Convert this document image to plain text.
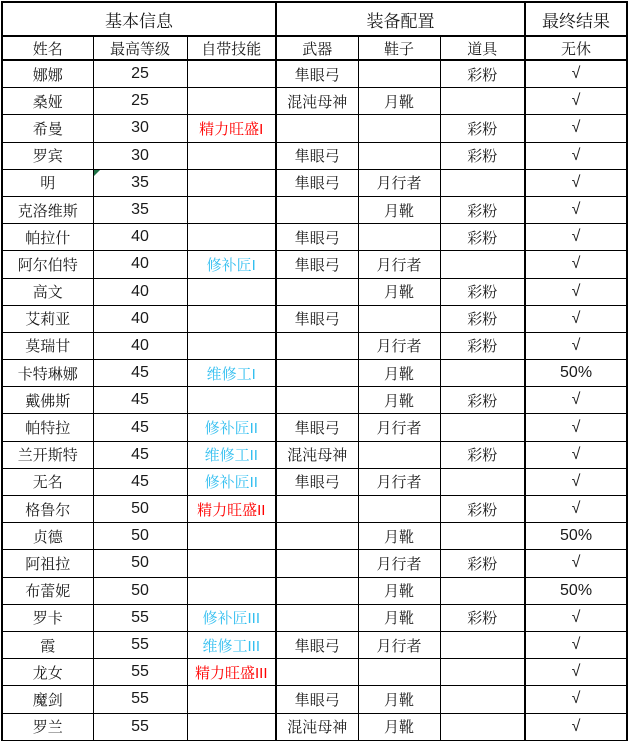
基本信息			装备配置			最终结果
姓名	最高等级	自带技能	武器	鞋子	道具	无休
娜娜	25		隼眼弓		彩粉	√
桑娅	25		混沌母神	月靴		√
希曼	30	精力旺盛I			彩粉	√
罗宾	30		隼眼弓		彩粉	√
明	35		隼眼弓	月行者		√
克洛维斯	35			月靴	彩粉	√
帕拉什	40		隼眼弓		彩粉	√
阿尔伯特	40	修补匠I	隼眼弓	月行者		√
高文	40			月靴	彩粉	√
艾莉亚	40		隼眼弓		彩粉	√
莫瑞甘	40			月行者	彩粉	√
卡特琳娜	45	维修工I		月靴		50%
戴佛斯	45			月靴	彩粉	√
帕特拉	45	修补匠II	隼眼弓	月行者		√
兰开斯特	45	维修工II	混沌母神		彩粉	√
无名	45	修补匠II	隼眼弓	月行者		√
格鲁尔	50	精力旺盛II			彩粉	√
贞德	50			月靴		50%
阿祖拉	50			月行者	彩粉	√
布蕾妮	50			月靴		50%
罗卡	55	修补匠III		月靴	彩粉	√
霞	55	维修工III	隼眼弓	月行者		√
龙女	55	精力旺盛III				√
魔剑	55		隼眼弓	月靴		√
罗兰	55		混沌母神	月靴		√
